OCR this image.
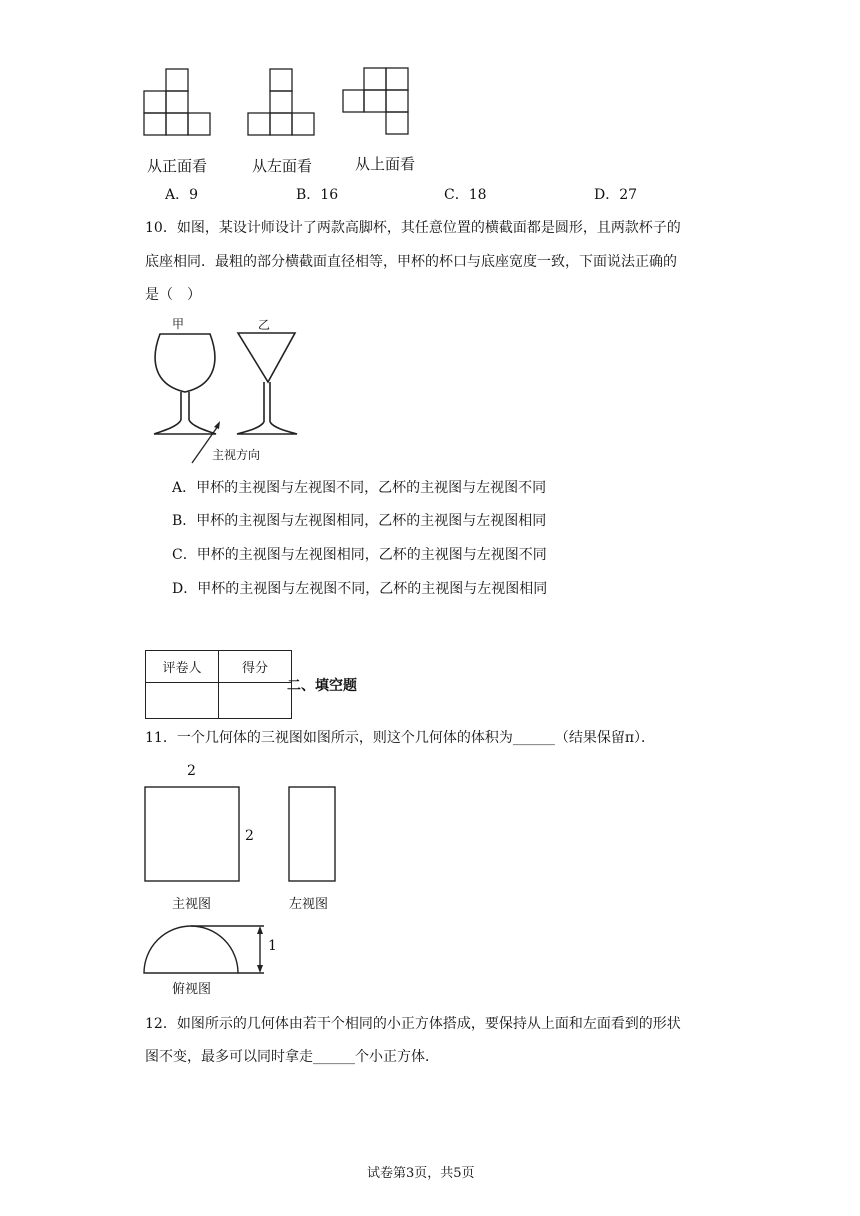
从正面看	从左面看	从上面看
A．9	B．16	C．18	D．27
10．如图，某设计师设计了两款高脚杯，其任意位置的横截面都是圆形，且两款杯子的
底座相同．最粗的部分横截面直径相等，甲杯的杯口与底座宽度一致，下面说法正确的
是（　）
甲	乙
主视方向
A．甲杯的主视图与左视图不同，乙杯的主视图与左视图不同
B．甲杯的主视图与左视图相同，乙杯的主视图与左视图相同
C．甲杯的主视图与左视图相同，乙杯的主视图与左视图不同
D．甲杯的主视图与左视图不同，乙杯的主视图与左视图相同
评卷人	得分

二、填空题
11．一个几何体的三视图如图所示，则这个几何体的体积为______（结果保留π）．
2
2
主视图	左视图
1
俯视图
12．如图所示的几何体由若干个相同的小正方体搭成，要保持从上面和左面看到的形状
图不变，最多可以同时拿走______个小正方体．
试卷第3页，共5页
